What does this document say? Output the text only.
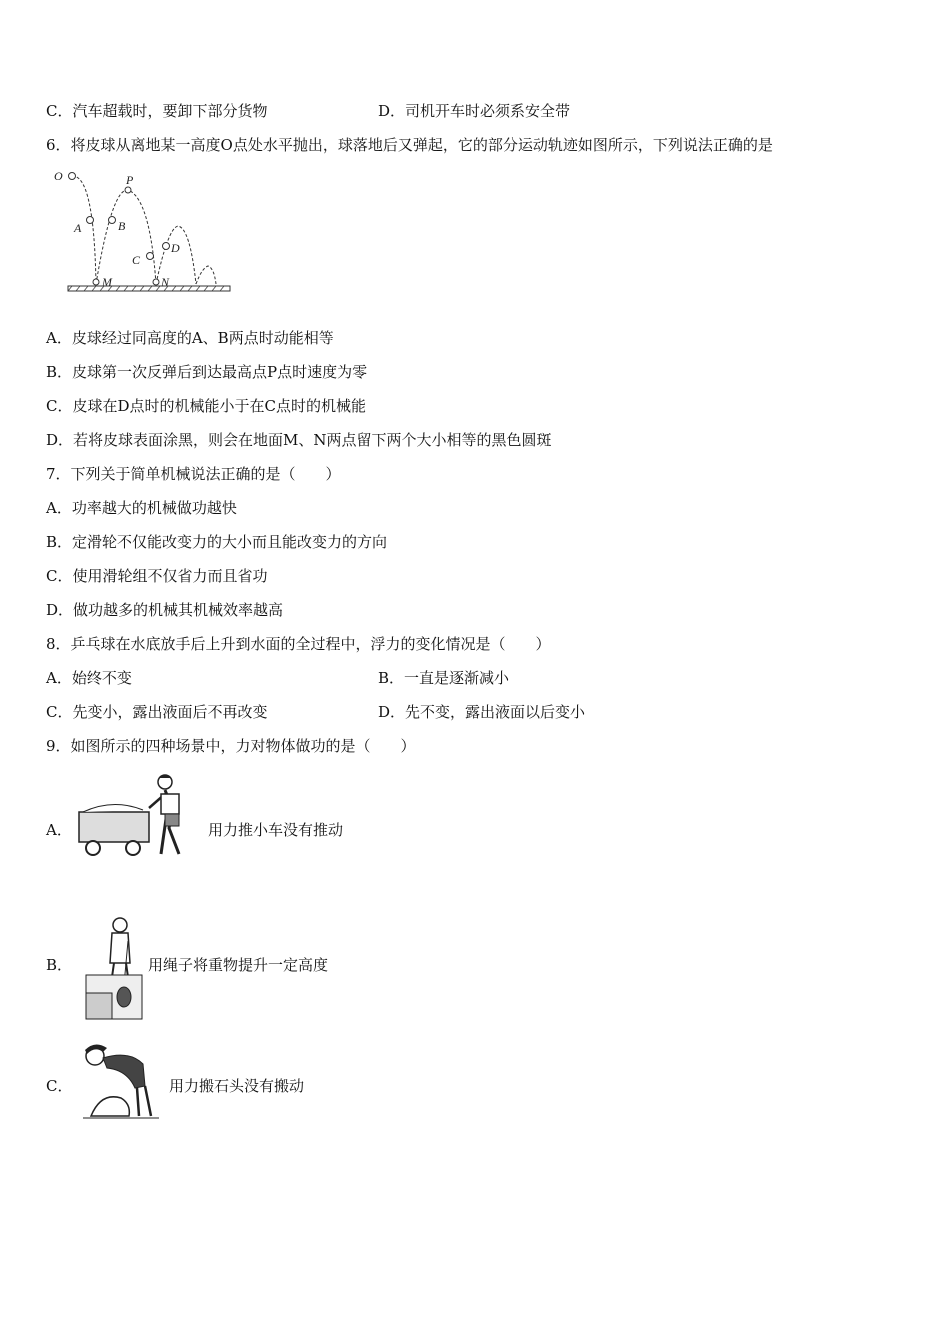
C．汽车超载时，要卸下部分货物	D．司机开车时必须系安全带
6．将皮球从离地某一高度O点处水平抛出，球落地后又弹起，它的部分运动轨迹如图所示，下列说法正确的是
O
A	B
P
C
D
M	N
A．皮球经过同高度的A、B两点时动能相等
B．皮球第一次反弹后到达最高点P点时速度为零
C．皮球在D点时的机械能小于在C点时的机械能
D．若将皮球表面涂黑，则会在地面M、N两点留下两个大小相等的黑色圆斑
7．下列关于简单机械说法正确的是（　　）
A．功率越大的机械做功越快
B．定滑轮不仅能改变力的大小而且能改变力的方向
C．使用滑轮组不仅省力而且省功
D．做功越多的机械其机械效率越高
8．乒乓球在水底放手后上升到水面的全过程中，浮力的变化情况是（　　）
A．始终不变	B．一直是逐渐减小
C．先变小，露出液面后不再改变	D．先不变，露出液面以后变小
9．如图所示的四种场景中，力对物体做功的是（　　）
A．	用力推小车没有推动
B．	用绳子将重物提升一定高度
C．	用力搬石头没有搬动
